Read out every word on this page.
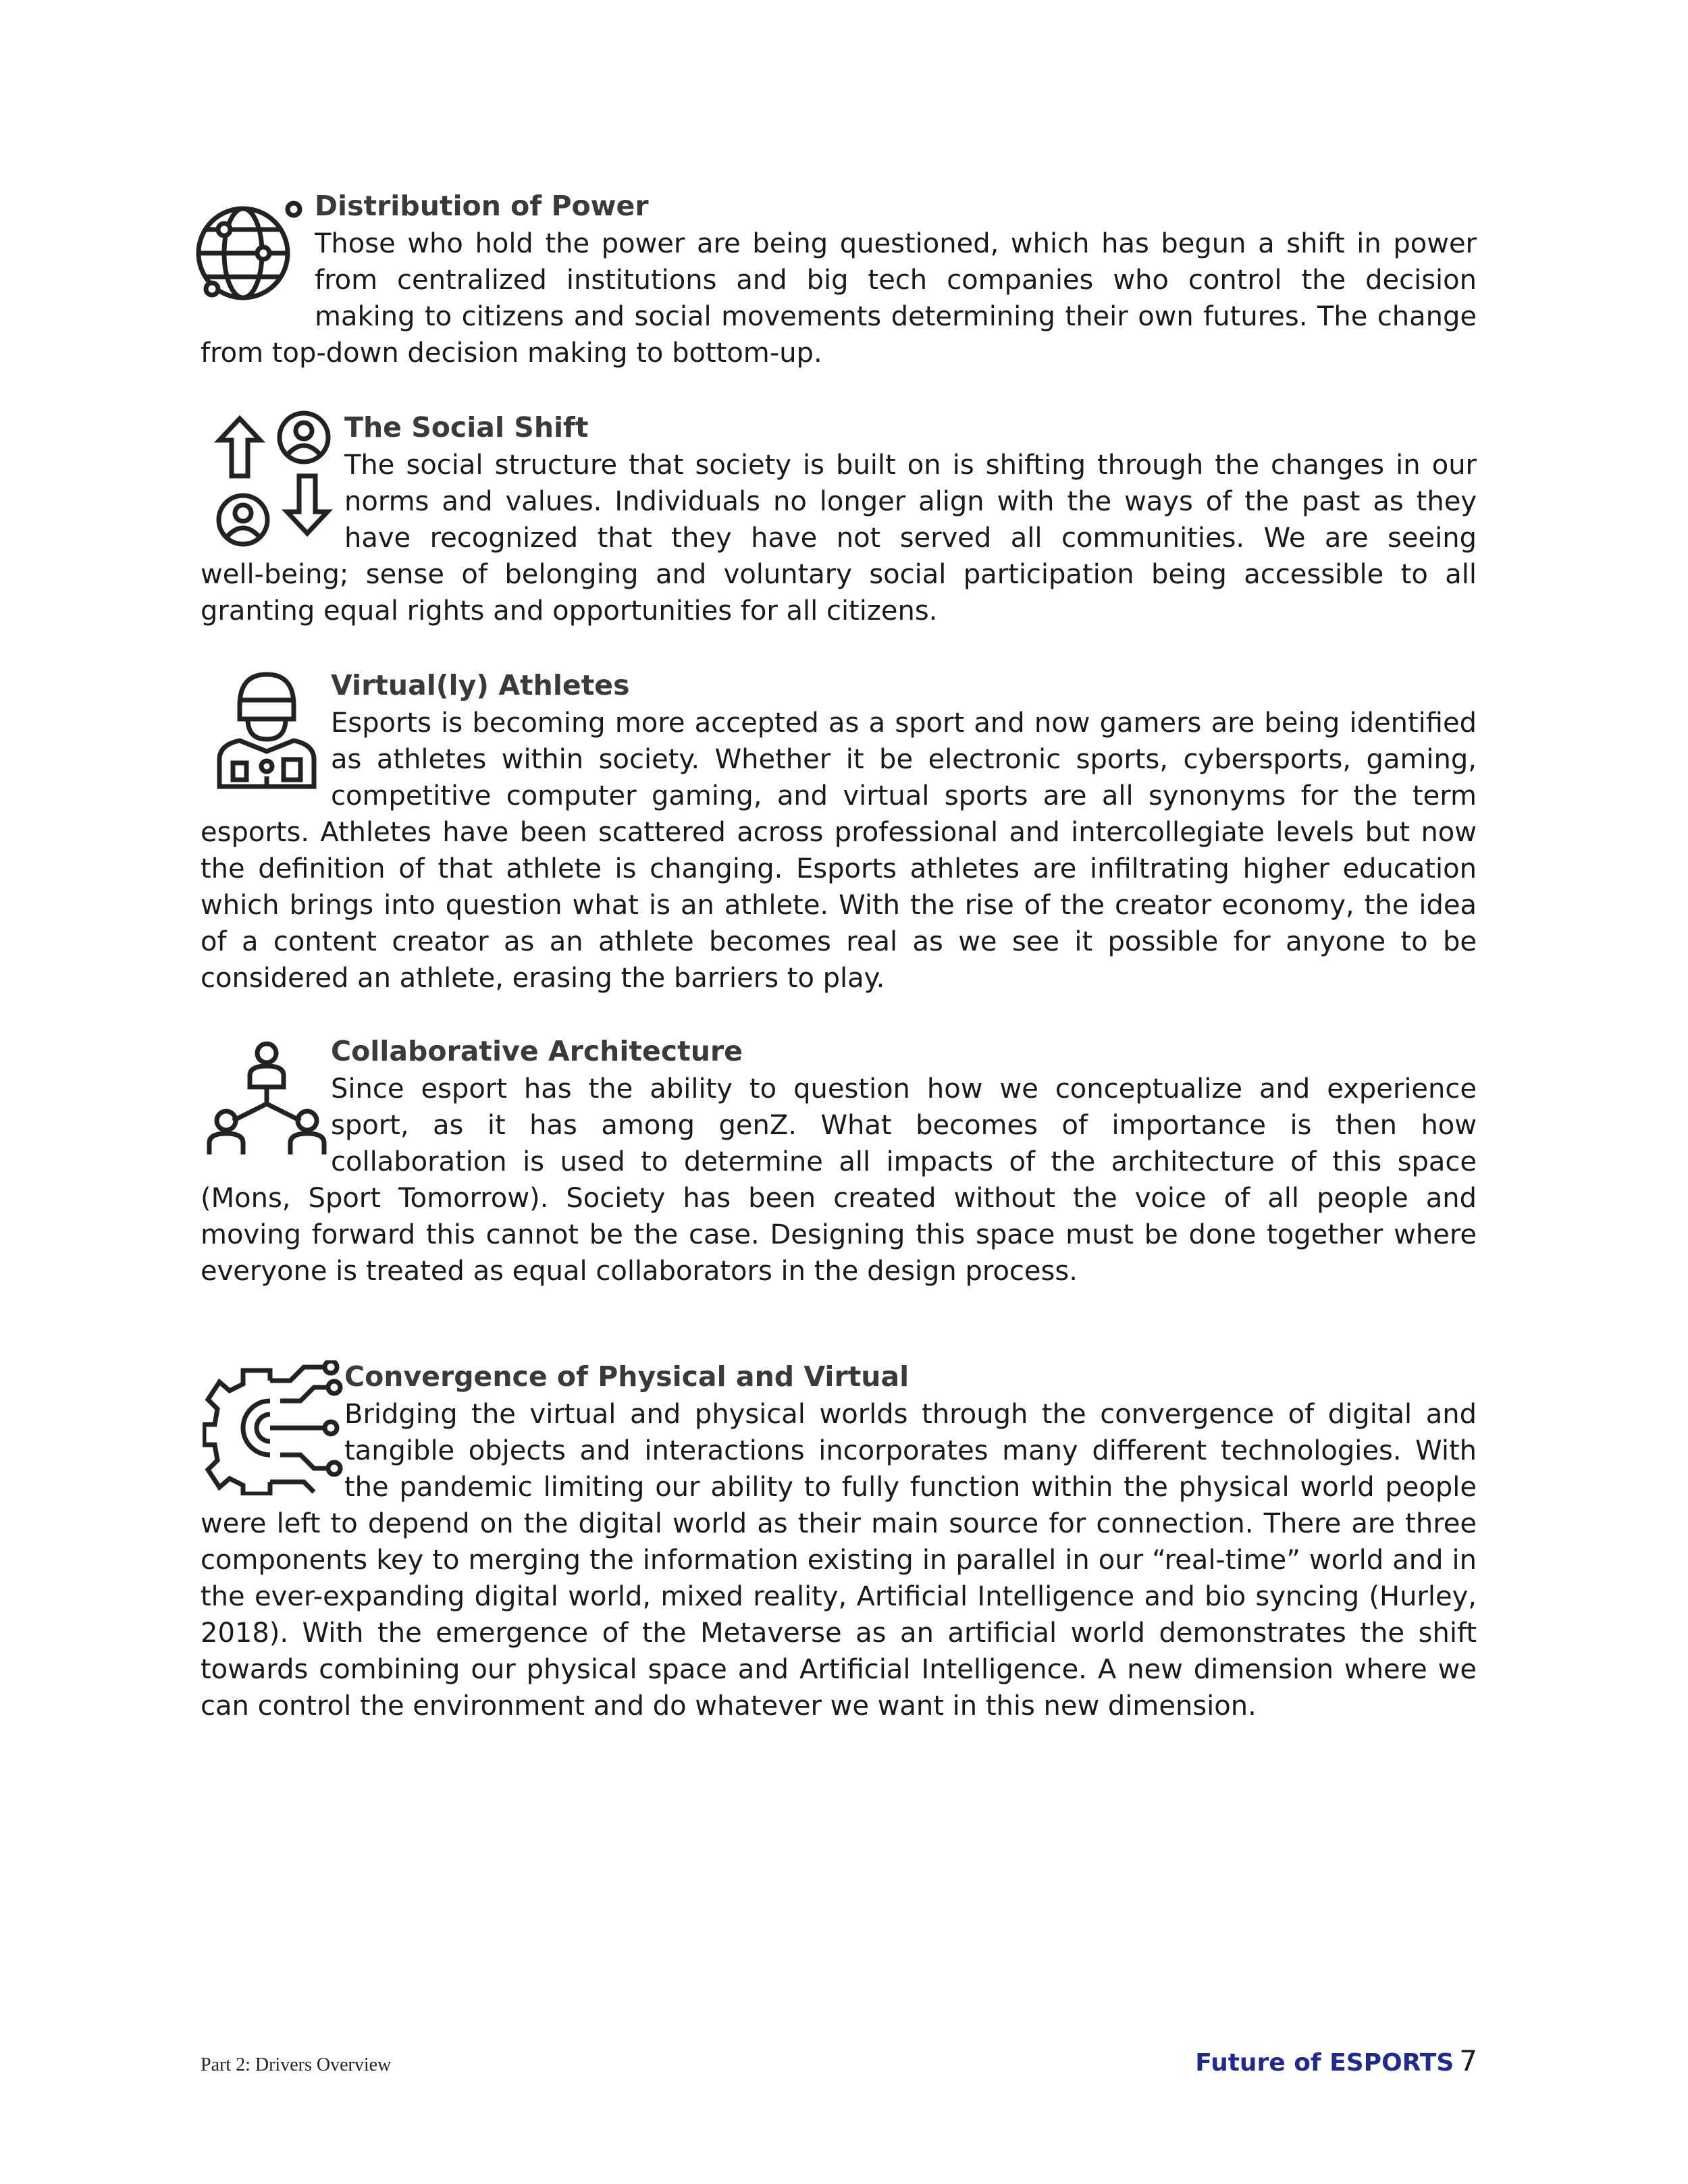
Distribution of Power
Those who hold the power are being questioned, which has begun a shift in power
from centralized institutions and big tech companies who control the decision
making to citizens and social movements determining their own futures. The change
from top-down decision making to bottom-up.
The Social Shift
The social structure that society is built on is shifting through the changes in our
norms and values. Individuals no longer align with the ways of the past as they
have recognized that they have not served all communities. We are seeing
well-being; sense of belonging and voluntary social participation being accessible to all
granting equal rights and opportunities for all citizens.
Virtual(ly) Athletes
Esports is becoming more accepted as a sport and now gamers are being identified
as athletes within society. Whether it be electronic sports, cybersports, gaming,
competitive computer gaming, and virtual sports are all synonyms for the term
esports. Athletes have been scattered across professional and intercollegiate levels but now
the definition of that athlete is changing. Esports athletes are infiltrating higher education
which brings into question what is an athlete. With the rise of the creator economy, the idea
of a content creator as an athlete becomes real as we see it possible for anyone to be
considered an athlete, erasing the barriers to play.
Collaborative Architecture
Since esport has the ability to question how we conceptualize and experience
sport, as it has among genZ. What becomes of importance is then how
collaboration is used to determine all impacts of the architecture of this space
(Mons, Sport Tomorrow). Society has been created without the voice of all people and
moving forward this cannot be the case. Designing this space must be done together where
everyone is treated as equal collaborators in the design process.
Convergence of Physical and Virtual
Bridging the virtual and physical worlds through the convergence of digital and
tangible objects and interactions incorporates many different technologies. With
the pandemic limiting our ability to fully function within the physical world people
were left to depend on the digital world as their main source for connection. There are three
components key to merging the information existing in parallel in our “real-time” world and in
the ever-expanding digital world, mixed reality, Artificial Intelligence and bio syncing (Hurley,
2018). With the emergence of the Metaverse as an artificial world demonstrates the shift
towards combining our physical space and Artificial Intelligence. A new dimension where we
can control the environment and do whatever we want in this new dimension.
Part 2: Drivers Overview	Future of ESPORTS 7
